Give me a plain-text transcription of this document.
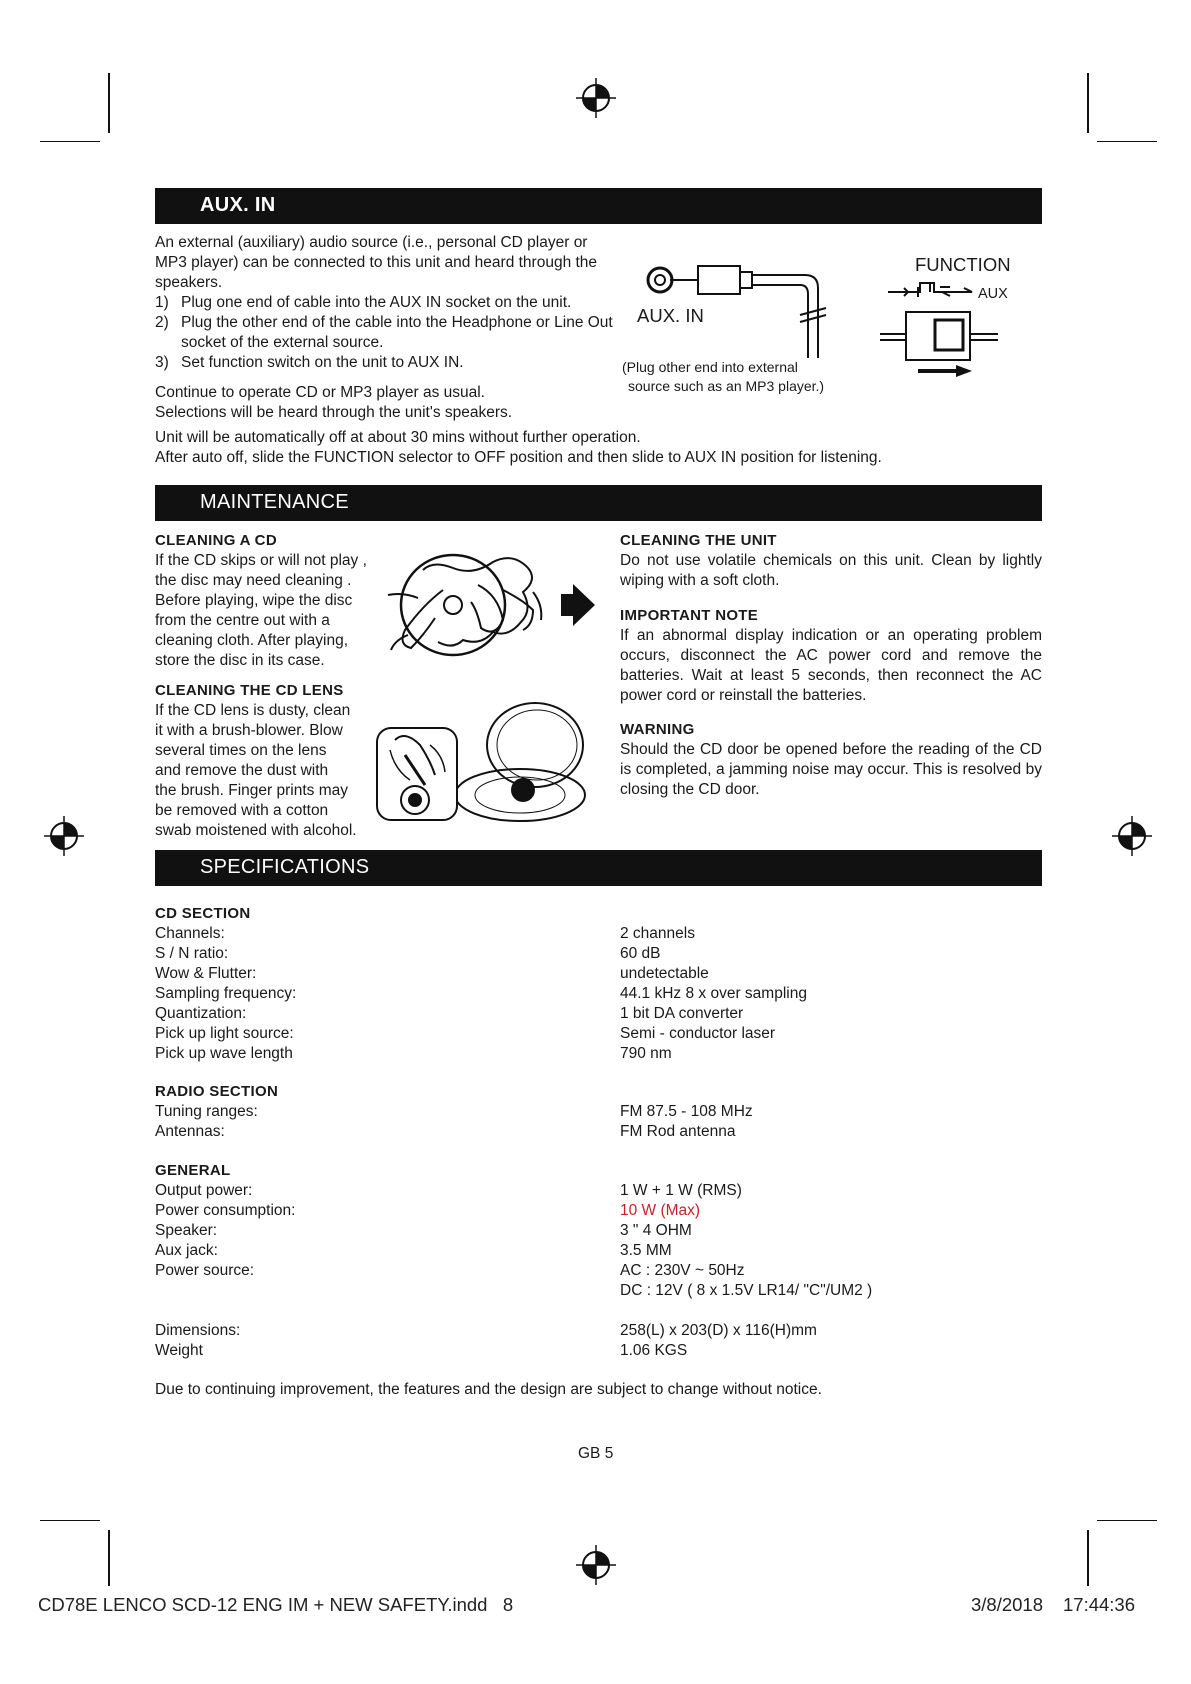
AUX. IN

An external (auxiliary) audio source (i.e., personal CD player or MP3 player) can be connected to this unit and heard through the speakers.

1) Plug one end of cable into the AUX IN socket on the unit.

2) Plug the other end of the cable into the Headphone or Line Out socket of the external source.

3) Set function switch on the unit to AUX IN.

Continue to operate CD or MP3 player as usual.

Selections will be heard through the unit's speakers.

Unit will be automatically off at about 30 mins without further operation.

After auto off, slide the FUNCTION selector to OFF position and then slide to AUX IN position for listening.

AUX. IN
(Plug other end into external
source such as an MP3 player.)
FUNCTION
AUX
MAINTENANCE

CLEANING A CD

If the CD skips or will not play ,

the disc may need cleaning .

Before playing, wipe the disc

from the centre out with a

cleaning cloth. After playing,

store the disc in its case.

CLEANING THE CD LENS

If the CD lens is dusty, clean

it with a brush-blower. Blow

several times on the lens

and remove the dust with

the brush. Finger prints may

be removed with a cotton

swab moistened with alcohol.

CLEANING THE UNIT

Do not use volatile chemicals on this unit. Clean by lightly wiping with a soft cloth.

IMPORTANT NOTE

If an abnormal display indication or an operating problem occurs, disconnect the AC power cord and remove the batteries. Wait at least 5 seconds, then reconnect the AC power cord or reinstall the batteries.

WARNING

Should the CD door be opened before the reading of the CD is completed, a jamming noise may occur. This is resolved by closing the CD door.

SPECIFICATIONS
CD SECTION
Channels:	2 channels
S / N ratio:	60 dB
Wow & Flutter:	undetectable
Sampling frequency:	44.1 kHz 8 x over sampling
Quantization:	1 bit DA converter
Pick up light source:	Semi - conductor laser
Pick up wave length	790 nm
RADIO SECTION
Tuning ranges:	FM 87.5 - 108 MHz
Antennas:	FM Rod antenna
GENERAL
Output power:	1 W + 1 W (RMS)
Power consumption:	10 W (Max)
Speaker:	3 " 4 OHM
Aux jack:	3.5 MM
Power source:	AC : 230V ~ 50Hz
DC : 12V ( 8 x 1.5V LR14/ "C"/UM2 )
Dimensions:	258(L) x 203(D) x 116(H)mm
Weight	1.06 KGS
Due to continuing improvement, the features and the design are subject to change without notice.
GB 5
CD78E LENCO SCD-12 ENG IM + NEW SAFETY.indd   8	3/8/2018 17:44:36
